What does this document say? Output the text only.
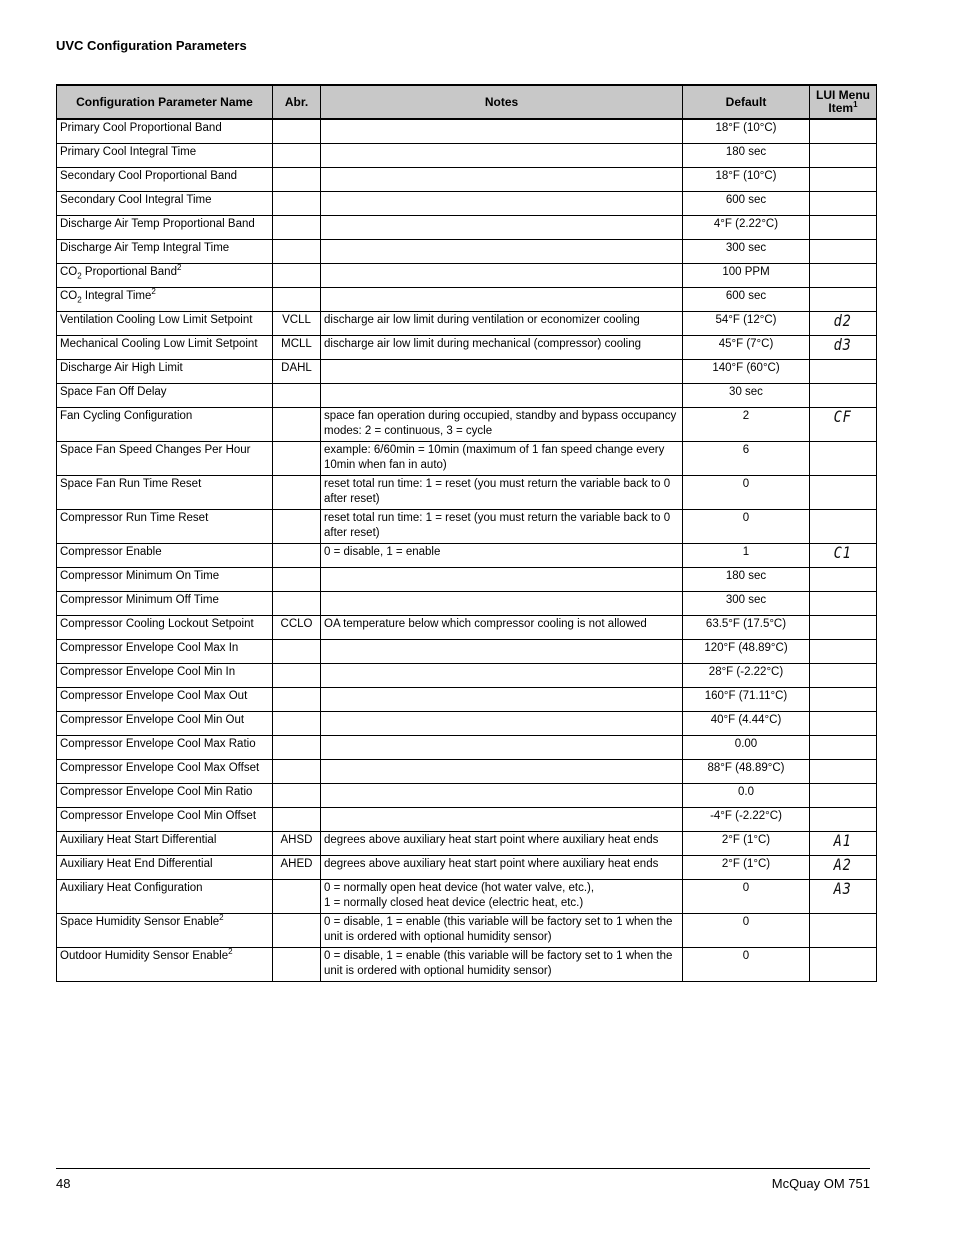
UVC Configuration Parameters
Configuration Parameter Name	Abr.	Notes	Default	LUI Menu
Item$^1$
Primary Cool Proportional Band			18°F (10°C)	
Primary Cool Integral Time			180 sec	
Secondary Cool Proportional Band			18°F (10°C)	
Secondary Cool Integral Time			600 sec	
Discharge Air Temp Proportional Band			4°F (2.22°C)	
Discharge Air Temp Integral Time			300 sec	
$CO_2$ Proportional Band$^2$			100 PPM	
$CO_2$ Integral Time$^2$			600 sec	
Ventilation Cooling Low Limit Setpoint	VCLL	discharge air low limit during ventilation or economizer cooling	54°F (12°C)	d2
Mechanical Cooling Low Limit Setpoint	MCLL	discharge air low limit during mechanical (compressor) cooling	45°F (7°C)	d3
Discharge Air High Limit	DAHL		140°F (60°C)	
Space Fan Off Delay			30 sec	
Fan Cycling Configuration		space fan operation during occupied, standby and bypass occupancy modes: 2 = continuous, 3 = cycle	2	CF
Space Fan Speed Changes Per Hour		example: 6/60min = 10min (maximum of 1 fan speed change every 10min when fan in auto)	6	
Space Fan Run Time Reset		reset total run time: 1 = reset (you must return the variable back to 0 after reset)	0	
Compressor Run Time Reset		reset total run time: 1 = reset (you must return the variable back to 0 after reset)	0	
Compressor Enable		0 = disable, 1 = enable	1	C1
Compressor Minimum On Time			180 sec	
Compressor Minimum Off Time			300 sec	
Compressor Cooling Lockout Setpoint	CCLO	OA temperature below which compressor cooling is not allowed	63.5°F (17.5°C)	
Compressor Envelope Cool Max In			120°F (48.89°C)	
Compressor Envelope Cool Min In			28°F (-2.22°C)	
Compressor Envelope Cool Max Out			160°F (71.11°C)	
Compressor Envelope Cool Min Out			40°F (4.44°C)	
Compressor Envelope Cool Max Ratio			0.00	
Compressor Envelope Cool Max Offset			88°F (48.89°C)	
Compressor Envelope Cool Min Ratio			0.0	
Compressor Envelope Cool Min Offset			-4°F (-2.22°C)	
Auxiliary Heat Start Differential	AHSD	degrees above auxiliary heat start point where auxiliary heat ends	2°F (1°C)	A1
Auxiliary Heat End Differential	AHED	degrees above auxiliary heat start point where auxiliary heat ends	2°F (1°C)	A2
Auxiliary Heat Configuration		0 = normally open heat device (hot water valve, etc.),
1 = normally closed heat device (electric heat, etc.)	0	A3
Space Humidity Sensor Enable$^2$		0 = disable, 1 = enable (this variable will be factory set to 1 when the unit is ordered with optional humidity sensor)	0	
Outdoor Humidity Sensor Enable$^2$		0 = disable, 1 = enable (this variable will be factory set to 1 when the unit is ordered with optional humidity sensor)	0	
48	McQuay OM 751
